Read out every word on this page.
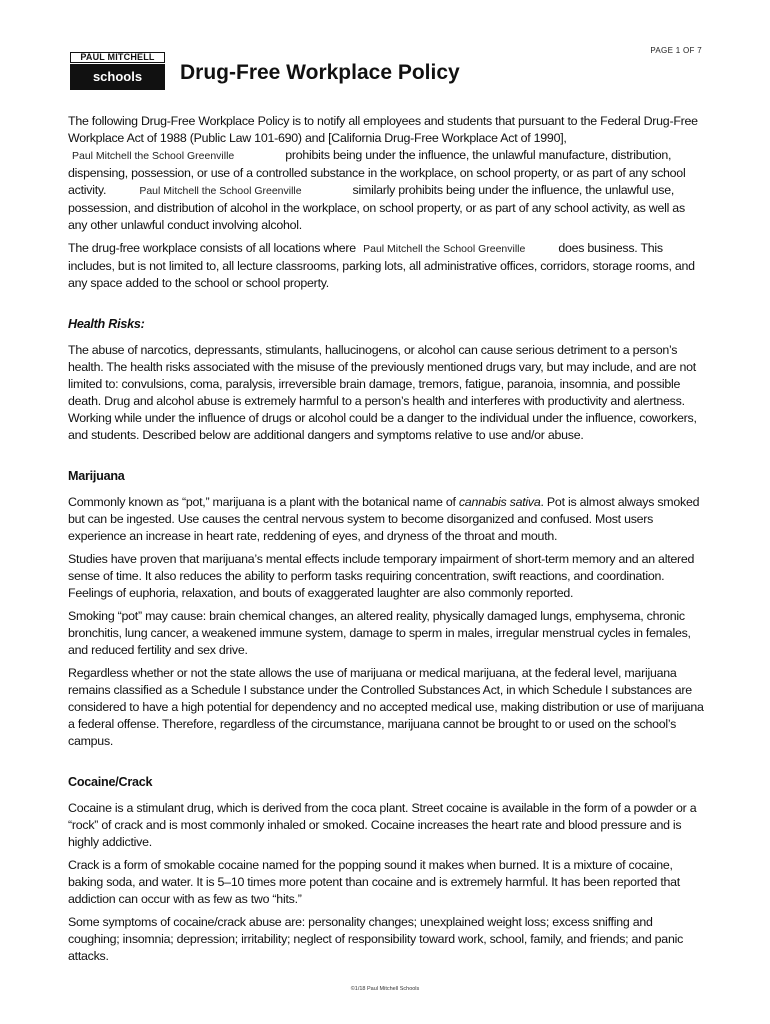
PAGE 1 OF 7
PAUL MITCHELL
schools	Drug-Free Workplace Policy

The following Drug-Free Workplace Policy is to notify all employees and students that pursuant to the Federal Drug-Free Workplace Act of 1988 (Public Law 101-690) and [California Drug-Free Workplace Act of 1990], Paul Mitchell the School Greenville	prohibits being under the influence, the unlawful manufacture, distribution, dispensing, possession, or use of a controlled substance in the workplace, on school property, or as part of any school activity.	Paul Mitchell the School Greenville	similarly prohibits being under the influence, the unlawful use, possession, and distribution of alcohol in the workplace, on school property, or as part of any school activity, as well as any other unlawful conduct involving alcohol.

The drug-free workplace consists of all locations where Paul Mitchell the School Greenville	does business. This includes, but is not limited to, all lecture classrooms, parking lots, all administrative offices, corridors, storage rooms, and any space added to the school or school property.

Health Risks:

The abuse of narcotics, depressants, stimulants, hallucinogens, or alcohol can cause serious detriment to a person’s health. The health risks associated with the misuse of the previously mentioned drugs vary, but may include, and are not limited to: convulsions, coma, paralysis, irreversible brain damage, tremors, fatigue, paranoia, insomnia, and possible death. Drug and alcohol abuse is extremely harmful to a person’s health and interferes with productivity and alertness. Working while under the influence of drugs or alcohol could be a danger to the individual under the influence, coworkers, and students. Described below are additional dangers and symptoms relative to use and/or abuse.

Marijuana

Commonly known as “pot,” marijuana is a plant with the botanical name of cannabis sativa. Pot is almost always smoked but can be ingested. Use causes the central nervous system to become disorganized and confused. Most users experience an increase in heart rate, reddening of eyes, and dryness of the throat and mouth.

Studies have proven that marijuana’s mental effects include temporary impairment of short-term memory and an altered sense of time. It also reduces the ability to perform tasks requiring concentration, swift reactions, and coordination. Feelings of euphoria, relaxation, and bouts of exaggerated laughter are also commonly reported.

Smoking “pot” may cause: brain chemical changes, an altered reality, physically damaged lungs, emphysema, chronic bronchitis, lung cancer, a weakened immune system, damage to sperm in males, irregular menstrual cycles in females, and reduced fertility and sex drive.

Regardless whether or not the state allows the use of marijuana or medical marijuana, at the federal level, marijuana remains classified as a Schedule I substance under the Controlled Substances Act, in which Schedule I substances are considered to have a high potential for dependency and no accepted medical use, making distribution or use of marijuana a federal offense. Therefore, regardless of the circumstance, marijuana cannot be brought to or used on the school’s campus.

Cocaine/Crack

Cocaine is a stimulant drug, which is derived from the coca plant. Street cocaine is available in the form of a powder or a “rock” of crack and is most commonly inhaled or smoked. Cocaine increases the heart rate and blood pressure and is highly addictive.

Crack is a form of smokable cocaine named for the popping sound it makes when burned. It is a mixture of cocaine, baking soda, and water. It is 5–10 times more potent than cocaine and is extremely harmful. It has been reported that addiction can occur with as few as two “hits.”

Some symptoms of cocaine/crack abuse are: personality changes; unexplained weight loss; excess sniffing and coughing; insomnia; depression; irritability; neglect of responsibility toward work, school, family, and friends; and panic attacks.

©1/18 Paul Mitchell Schools
